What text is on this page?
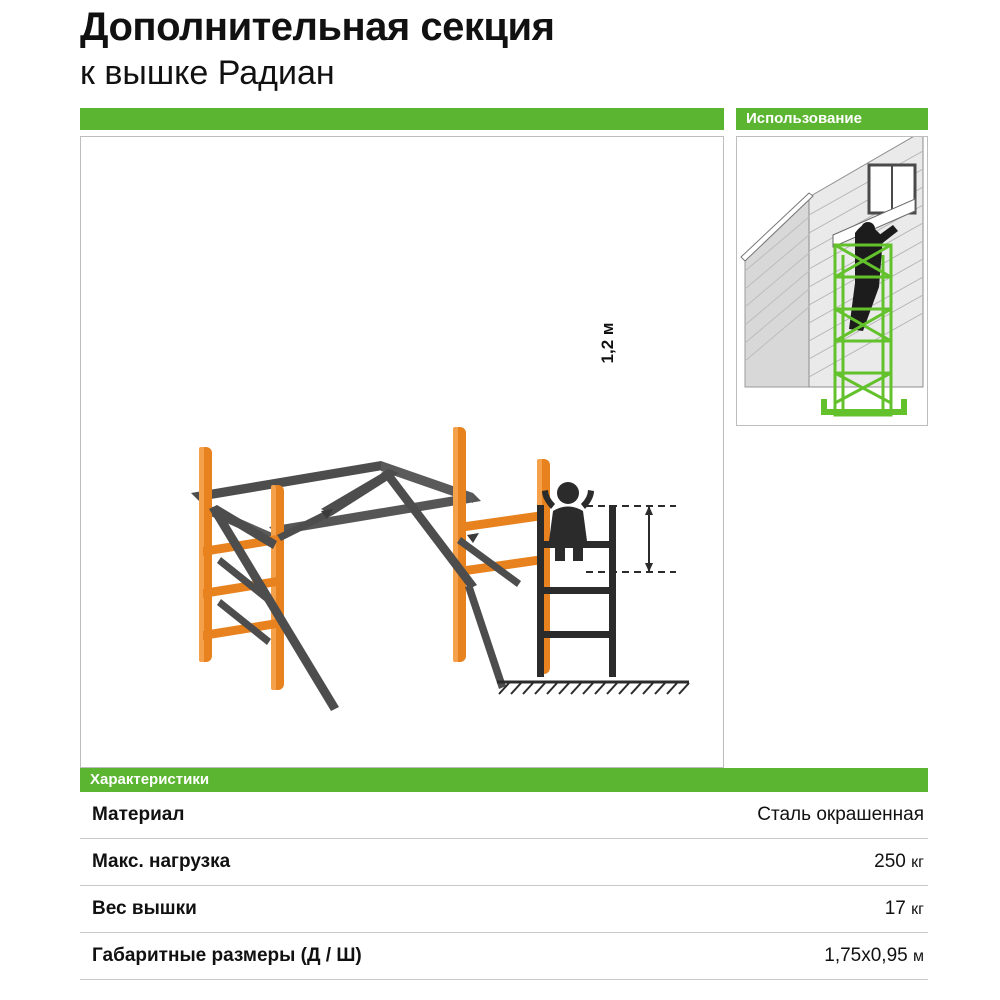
Дополнительная секция
к вышке Радиан
Использование
1,2 м
Характеристики
Материал	Сталь окрашенная
Макс. нагрузка	250 кг
Вес вышки	17 кг
Габаритные размеры (Д / Ш)	1,75х0,95 м
